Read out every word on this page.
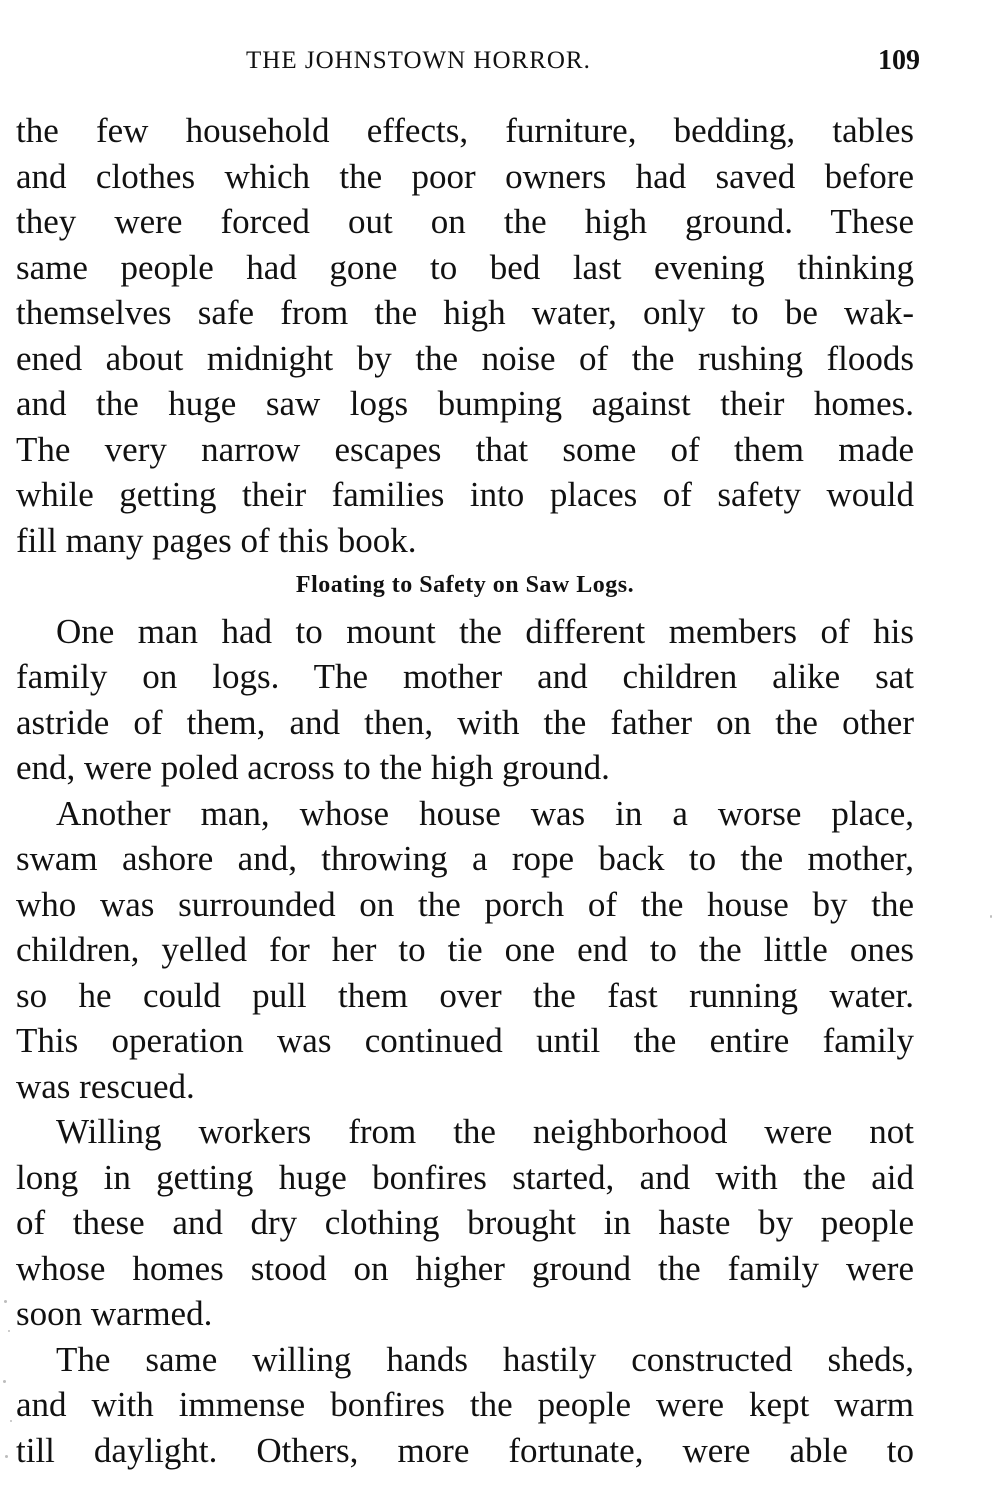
THE JOHNSTOWN HORROR.	109
the few household effects, furniture, bedding, tables
and clothes which the poor owners had saved before
they were forced out on the high ground. These
same people had gone to bed last evening thinking
themselves safe from the high water, only to be wak-
ened about midnight by the noise of the rushing floods
and the huge saw logs bumping against their homes.
The very narrow escapes that some of them made
while getting their families into places of safety would
fill many pages of this book.
Floating to Safety on Saw Logs.
One man had to mount the different members of his
family on logs. The mother and children alike sat
astride of them, and then, with the father on the other
end, were poled across to the high ground.
Another man, whose house was in a worse place,
swam ashore and, throwing a rope back to the mother,
who was surrounded on the porch of the house by the
children, yelled for her to tie one end to the little ones
so he could pull them over the fast running water.
This operation was continued until the entire family
was rescued.
Willing workers from the neighborhood were not
long in getting huge bonfires started, and with the aid
of these and dry clothing brought in haste by people
whose homes stood on higher ground the family were
soon warmed.
The same willing hands hastily constructed sheds,
and with immense bonfires the people were kept warm
till daylight. Others, more fortunate, were able to
